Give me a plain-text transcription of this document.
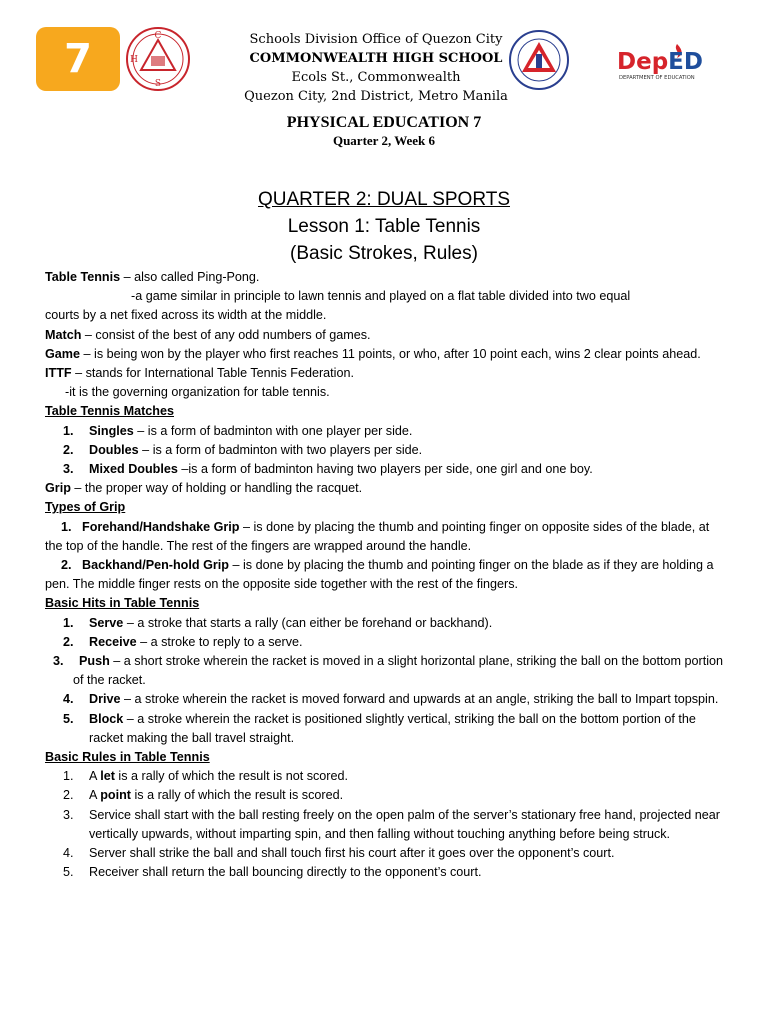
7	C
H
S
Schools Division Office of Quezon City
COMMONWEALTH HIGH SCHOOL
Ecols St., Commonwealth
Quezon City, 2nd District, Metro Manila
DepED
DEPARTMENT OF EDUCATION
PHYSICAL EDUCATION 7
Quarter 2, Week 6
QUARTER 2: DUAL SPORTS
Lesson 1: Table Tennis
(Basic Strokes, Rules)

Table Tennis – also called Ping-Pong.

-a game similar in principle to lawn tennis and played on a flat table divided into two equal

courts by a net fixed across its width at the middle.

Match – consist of the best of any odd numbers of games.

Game – is being won by the player who first reaches 11 points, or who, after 10 point each, wins 2 clear points ahead.

ITTF – stands for International Table Tennis Federation.

-it is the governing organization for table tennis.

Table Tennis Matches

1. Singles – is a form of badminton with one player per side.
2. Doubles – is a form of badminton with two players per side.
3. Mixed Doubles –is a form of badminton having two players per side, one girl and one boy.

Grip – the proper way of holding or handling the racquet.

Types of Grip

1. Forehand/Handshake Grip – is done by placing the thumb and pointing finger on opposite sides of the blade, at the top of the handle. The rest of the fingers are wrapped around the handle.
2. Backhand/Pen-hold Grip – is done by placing the thumb and pointing finger on the blade as if they are holding a pen. The middle finger rests on the opposite side together with the rest of the fingers.

Basic Hits in Table Tennis

1. Serve – a stroke that starts a rally (can either be forehand or backhand).
2. Receive – a stroke to reply to a serve.
3. Push – a short stroke wherein the racket is moved in a slight horizontal plane, striking the ball on the bottom portion of the racket.
4. Drive – a stroke wherein the racket is moved forward and upwards at an angle, striking the ball to Impart topspin.
5. Block – a stroke wherein the racket is positioned slightly vertical, striking the ball on the bottom portion of the racket making the ball travel straight.

Basic Rules in Table Tennis

1. A let is a rally of which the result is not scored.
2. A point is a rally of which the result is scored.
3. Service shall start with the ball resting freely on the open palm of the server’s stationary free hand, projected near vertically upwards, without imparting spin, and then falling without touching anything before being struck.
4. Server shall strike the ball and shall touch first his court after it goes over the opponent’s court.
5. Receiver shall return the ball bouncing directly to the opponent’s court.
